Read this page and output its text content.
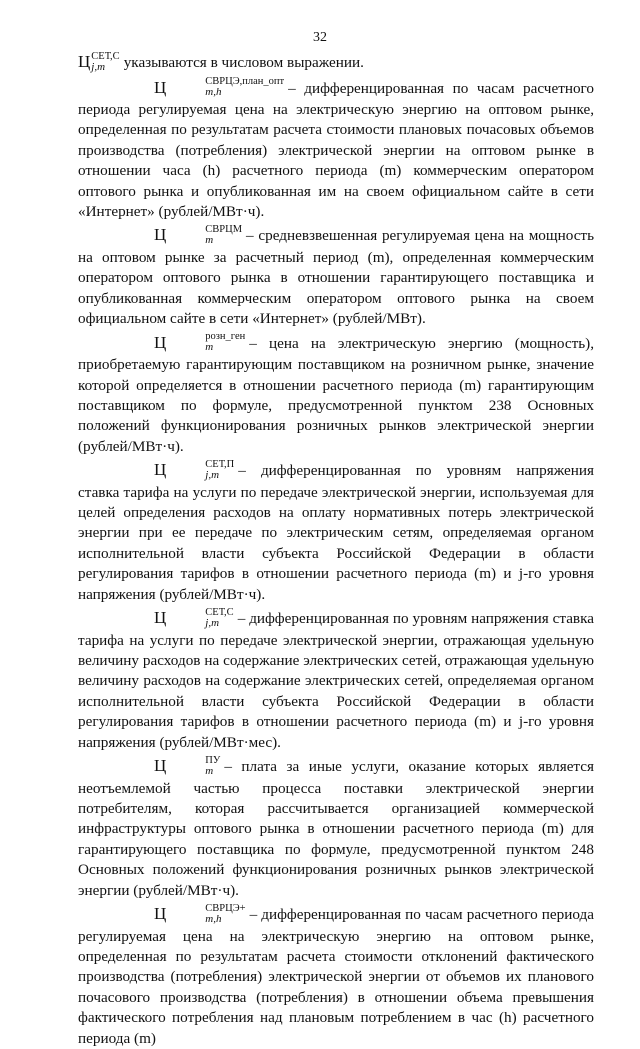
32

Ц СЕТ,С
j,m	указываются в числовом выражении.

Ц	СВРЦЭ,план_опт
m,h	– дифференцированная по часам расчетного периода регулируемая цена на электрическую энергию на оптовом рынке, определенная по результатам расчета стоимости плановых почасовых объемов производства (потребления) электрической энергии на оптовом рынке в отношении часа (h) расчетного периода (m) коммерческим оператором оптового рынка и опубликованная им на своем официальном сайте в сети «Интернет» (рублей/МВт·ч).

Ц	СВРЦМ
m	– средневзвешенная регулируемая цена на мощность на оптовом рынке за расчетный период (m), определенная коммерческим оператором оптового рынка в отношении гарантирующего поставщика и опубликованная коммерческим оператором оптового рынка на своем официальном сайте в сети «Интернет» (рублей/МВт).

Ц	розн_ген
m	– цена на электрическую энергию (мощность), приобретаемую гарантирующим поставщиком на розничном рынке, значение которой определяется в отношении расчетного периода (m) гарантирующим поставщиком по формуле, предусмотренной пунктом 238 Основных положений функционирования розничных рынков электрической энергии (рублей/МВт·ч).

Ц	СЕТ,П
j,m	– дифференцированная по уровням напряжения ставка тарифа на услуги по передаче электрической энергии, используемая для целей определения расходов на оплату нормативных потерь электрической энергии при ее передаче по электрическим сетям, определяемая органом исполнительной власти субъекта Российской Федерации в области регулирования тарифов в отношении расчетного периода (m) и j-го уровня напряжения (рублей/МВт·ч).

Ц	СЕТ,С
j,m	– дифференцированная по уровням напряжения ставка тарифа на услуги по передаче электрической энергии, отражающая удельную величину расходов на содержание электрических сетей, отражающая удельную величину расходов на содержание электрических сетей, определяемая органом исполнительной власти субъекта Российской Федерации в области регулирования тарифов в отношении расчетного периода (m) и j-го уровня напряжения (рублей/МВт·мес).

Ц	ПУ
m – плата за иные услуги, оказание которых является неотъемлемой частью процесса поставки электрической энергии потребителям, которая рассчитывается организацией коммерческой инфраструктуры оптового рынка в отношении расчетного периода (m) для гарантирующего поставщика по формуле, предусмотренной пунктом 248 Основных положений функционирования розничных рынков электрической энергии (рублей/МВт·ч).

Ц	СВРЦЭ+
m,h	– дифференцированная по часам расчетного периода регулируемая цена на электрическую энергию на оптовом рынке, определенная по результатам расчета стоимости отклонений фактического производства (потребления) электрической энергии от объемов их планового почасового производства (потребления) в отношении объема превышения фактического потребления над плановым потреблением в час (h) расчетного периода (m)
